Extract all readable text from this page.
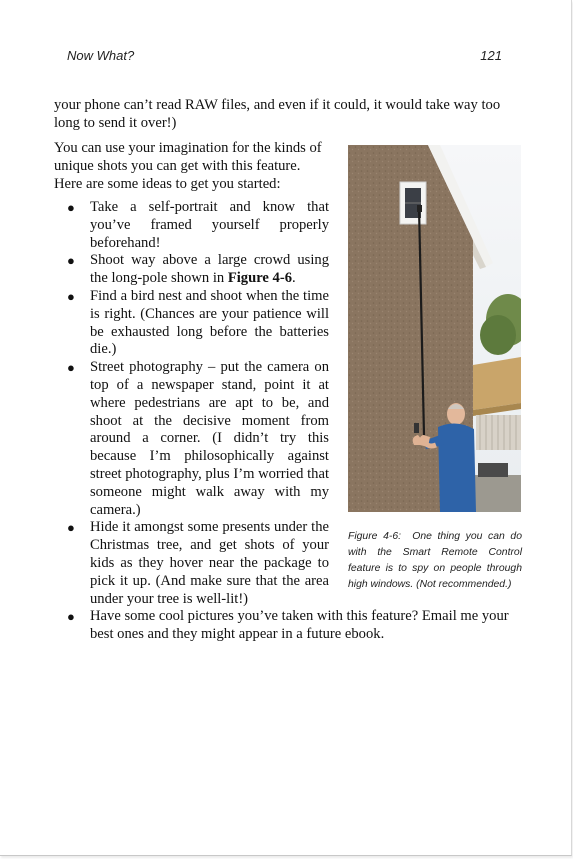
Now What?	121

your phone can’t read RAW files, and even if it could, it would take way too long to send it over!)

You can use your imagination for the kinds of unique shots you can get with this feature. Here are some ideas to get you started:

● Take a self-portrait and know that you’ve framed yourself properly beforehand!
● Shoot way above a large crowd using the long-pole shown in Figure 4-6.
● Find a bird nest and shoot when the time is right. (Chances are your patience will be exhausted long before the batteries die.)
● Street photography – put the camera on top of a newspaper stand, point it at where pedestrians are apt to be, and shoot at the decisive moment from around a corner. (I didn’t try this because I’m philosophically against street photography, plus I’m worried that someone might walk away with my camera.)
● Hide it amongst some presents under the Christmas tree, and get shots of your kids as they hover near the package to pick it up. (And make sure that the area under your tree is well-lit!)
● Have some cool pictures you’ve taken with this feature? Email me your best ones and they might appear in a future ebook.
Figure 4-6: One thing you can do with the Smart Remote Control feature is to spy on people through high windows. (Not recommended.)
